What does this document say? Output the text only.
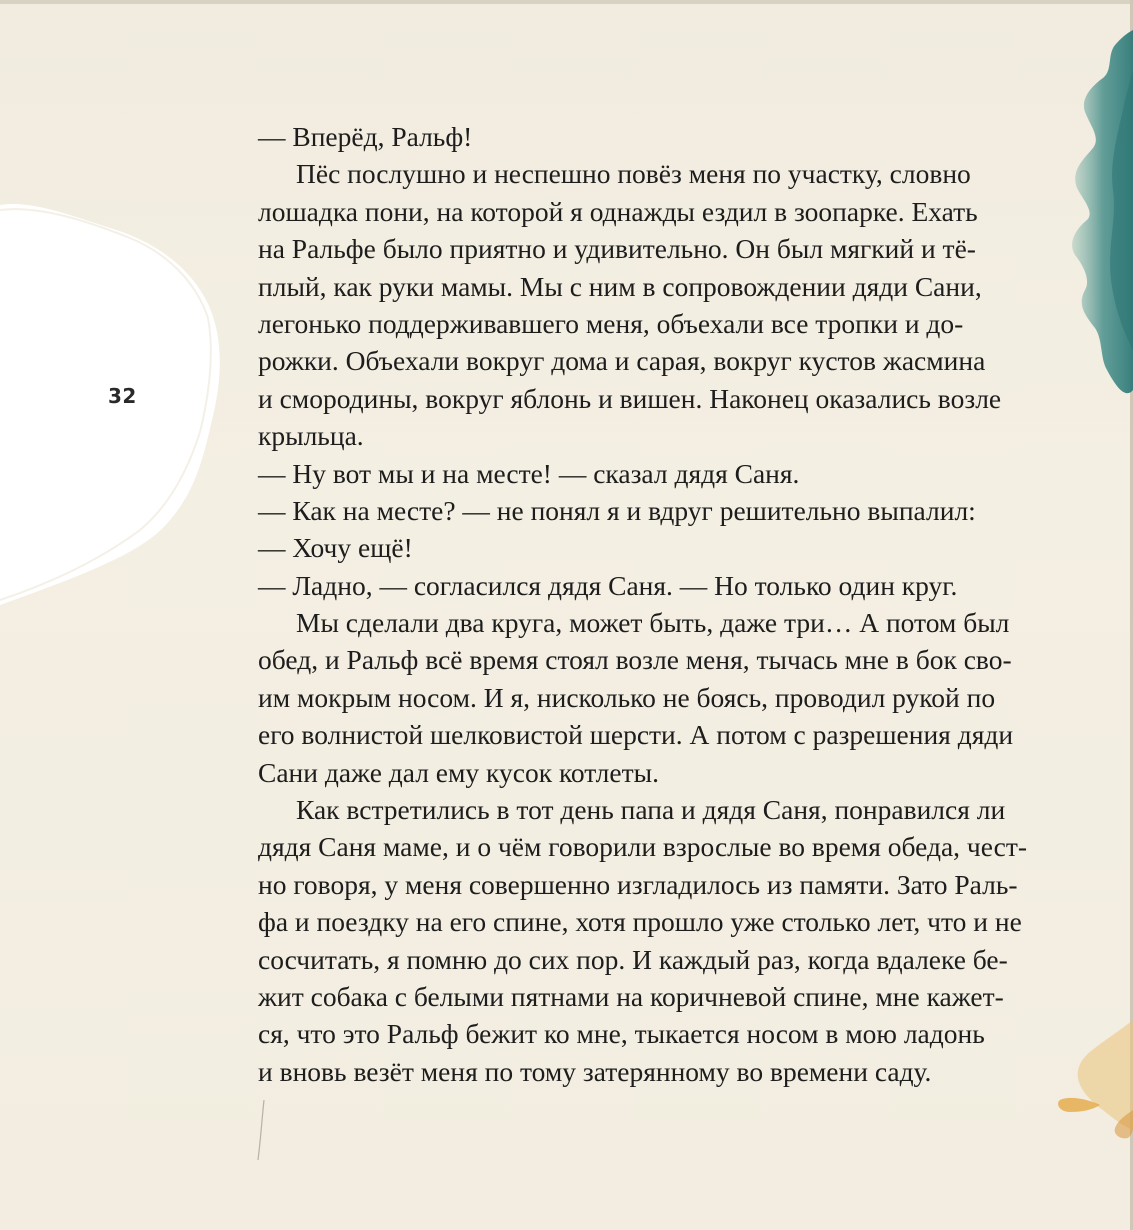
32
— Вперёд, Ральф!
Пёс послушно и неспешно повёз меня по участку, словно
лошадка пони, на которой я однажды ездил в зоопарке. Ехать
на Ральфе было приятно и удивительно. Он был мягкий и тё-
плый, как руки мамы. Мы с ним в сопровождении дяди Сани,
легонько поддерживавшего меня, объехали все тропки и до-
рожки. Объехали вокруг дома и сарая, вокруг кустов жасмина
и смородины, вокруг яблонь и вишен. Наконец оказались возле
крыльца.
— Ну вот мы и на месте! — сказал дядя Саня.
— Как на месте? — не понял я и вдруг решительно выпалил:
— Хочу ещё!
— Ладно, — согласился дядя Саня. — Но только один круг.
Мы сделали два круга, может быть, даже три… А потом был
обед, и Ральф всё время стоял возле меня, тычась мне в бок сво-
им мокрым носом. И я, нисколько не боясь, проводил рукой по
его волнистой шелковистой шерсти. А потом с разрешения дяди
Сани даже дал ему кусок котлеты.
Как встретились в тот день папа и дядя Саня, понравился ли
дядя Саня маме, и о чём говорили взрослые во время обеда, чест-
но говоря, у меня совершенно изгладилось из памяти. Зато Раль-
фа и поездку на его спине, хотя прошло уже столько лет, что и не
сосчитать, я помню до сих пор. И каждый раз, когда вдалеке бе-
жит собака с белыми пятнами на коричневой спине, мне кажет-
ся, что это Ральф бежит ко мне, тыкается носом в мою ладонь
и вновь везёт меня по тому затерянному во времени саду.
